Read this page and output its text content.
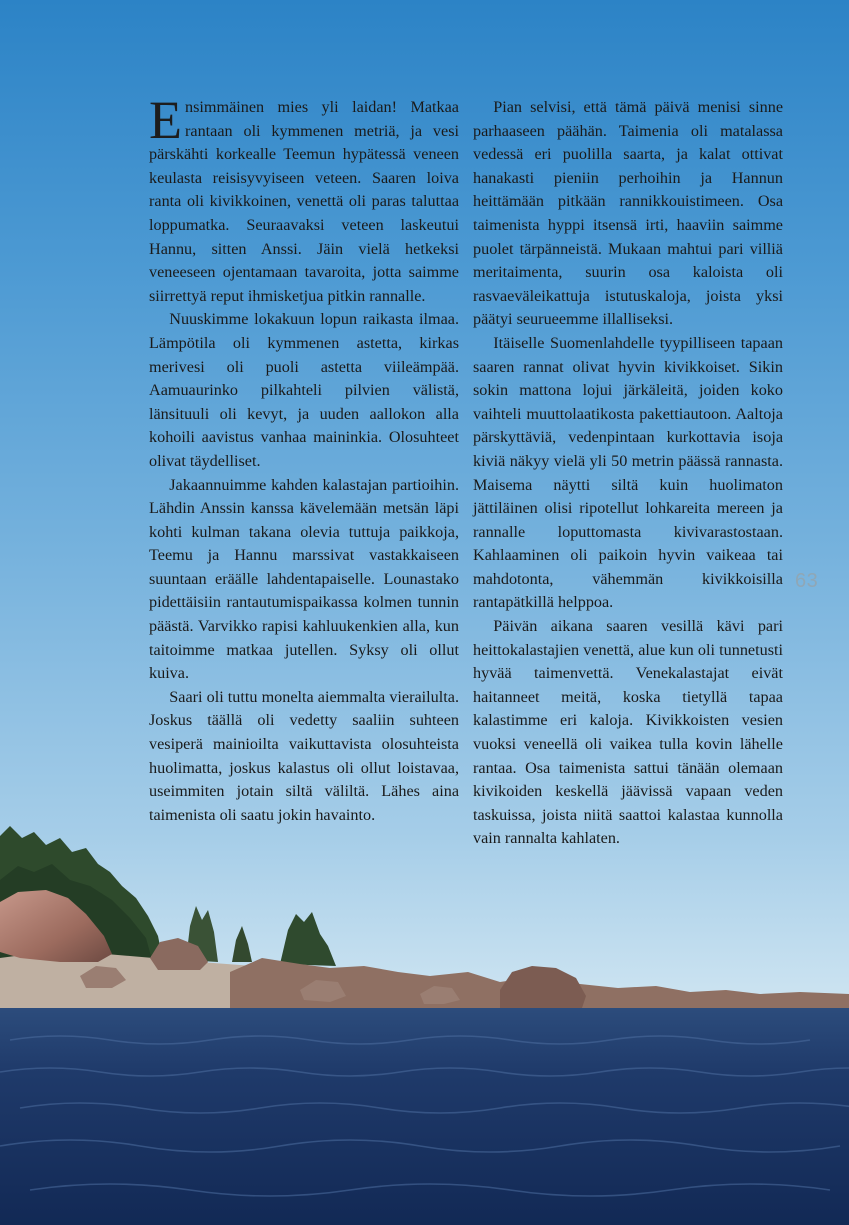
Ensimmäinen mies yli laidan! Matkaa rantaan oli kymmenen metriä, ja vesi pärskähti korkealle Teemun hypätessä veneen keulasta reisisyvyiseen veteen. Saaren loiva ranta oli kivikkoinen, venettä oli paras taluttaa loppumatka. Seuraavaksi veteen laskeutui Hannu, sitten Anssi. Jäin vielä hetkeksi veneeseen ojentamaan tavaroita, jotta saimme siirrettyä reput ihmisketjua pitkin rannalle.

Nuuskimme lokakuun lopun raikasta ilmaa. Lämpötila oli kymmenen astetta, kirkas merivesi oli puoli astetta viileämpää. Aamuaurinko pilkahteli pilvien välistä, länsituuli oli kevyt, ja uuden aallokon alla kohoili aavistus vanhaa maininkia. Olosuhteet olivat täydelliset.

Jakaannuimme kahden kalastajan partioihin. Lähdin Anssin kanssa kävelemään metsän läpi kohti kulman takana olevia tuttuja paikkoja, Teemu ja Hannu marssivat vastakkaiseen suuntaan eräälle lahdentapaiselle. Lounastako pidettäisiin rantautumispaikassa kolmen tunnin päästä. Varvikko rapisi kahluukenkien alla, kun taitoimme matkaa jutellen. Syksy oli ollut kuiva.

Saari oli tuttu monelta aiemmalta vierailulta. Joskus täällä oli vedetty saaliin suhteen vesiperä mainioilta vaikuttavista olosuhteista huolimatta, joskus kalastus oli ollut loistavaa, useimmiten jotain siltä väliltä. Lähes aina taimenista oli saatu jokin havainto.

Pian selvisi, että tämä päivä menisi sinne parhaaseen päähän. Taimenia oli matalassa vedessä eri puolilla saarta, ja kalat ottivat hanakasti pieniin perhoihin ja Hannun heittämään pitkään rannikkouistimeen. Osa taimenista hyppi itsensä irti, haaviin saimme puolet tärpänneistä. Mukaan mahtui pari villiä meritaimenta, suurin osa kaloista oli rasvaeväleikattuja istutuskaloja, joista yksi päätyi seurueemme illalliseksi.

Itäiselle Suomenlahdelle tyypilliseen tapaan saaren rannat olivat hyvin kivikkoiset. Sikin sokin mattona lojui järkäleitä, joiden koko vaihteli muuttolaatikosta pakettiautoon. Aaltoja pärskyttäviä, vedenpintaan kurkottavia isoja kiviä näkyy vielä yli 50 metrin päässä rannasta. Maisema näytti siltä kuin huolimaton jättiläinen olisi ripotellut lohkareita mereen ja rannalle loputtomasta kivivarastostaan. Kahlaaminen oli paikoin hyvin vaikeaa tai mahdotonta, vähemmän kivikkoisilla rantapätkillä helppoa.

Päivän aikana saaren vesillä kävi pari heittokalastajien venettä, alue kun oli tunnetusti hyvää taimenvettä. Venekalastajat eivät haitanneet meitä, koska tietyllä tapaa kalastimme eri kaloja. Kivikkoisten vesien vuoksi veneellä oli vaikea tulla kovin lähelle rantaa. Osa taimenista sattui tänään olemaan kivikoiden keskellä jäävissä vapaan veden taskuissa, joista niitä saattoi kalastaa kunnolla vain rannalta kahlaten.

63
